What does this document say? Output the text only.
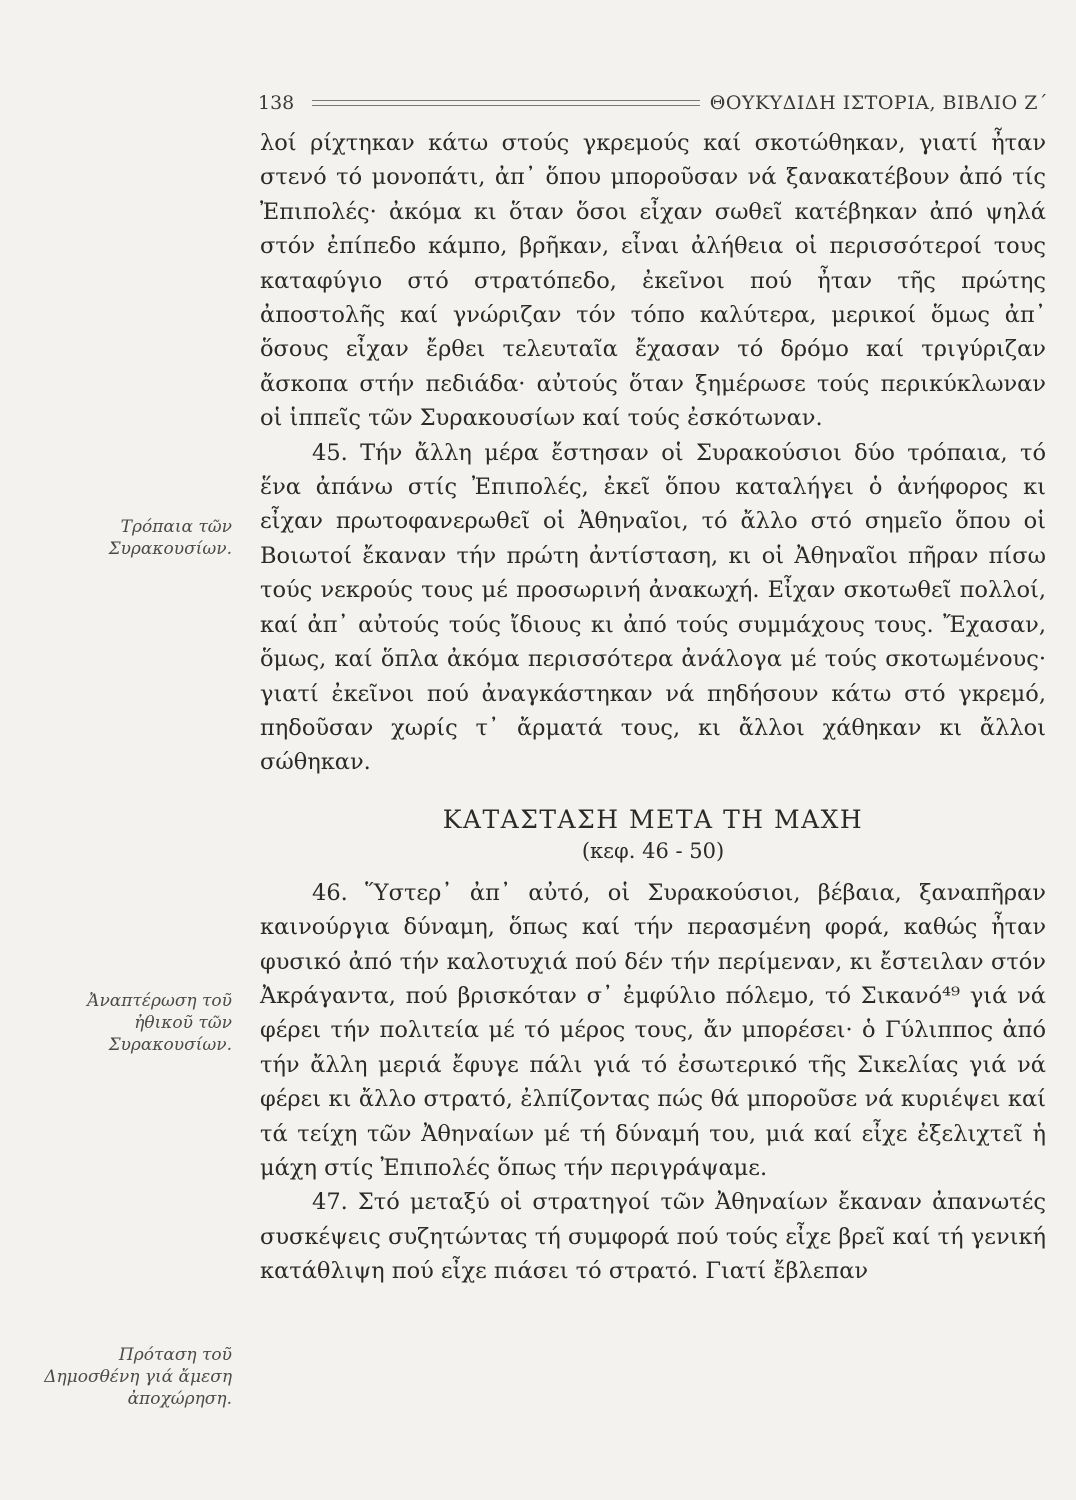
138	ΘΟΥΚΥΔΙΔΗ ΙΣΤΟΡΙΑ, ΒΙΒΛΙΟ Ζ΄
Τρόπαια τῶν Συρακουσίων.
Ἀναπτέρωση τοῦ ἠθικοῦ τῶν Συρακουσίων.
Πρόταση τοῦ Δημοσθένη γιά ἄμεση ἀποχώρηση.

λοί ρίχτηκαν κάτω στούς γκρεμούς καί σκοτώθηκαν, γιατί ἦταν στενό τό μονοπάτι, ἀπ᾽ ὅπου μποροῦσαν νά ξανακατέβουν ἀπό τίς Ἐπιπολές· ἀκόμα κι ὅταν ὅσοι εἶχαν σωθεῖ κατέβηκαν ἀπό ψηλά στόν ἐπίπεδο κάμπο, βρῆκαν, εἶναι ἀλήθεια οἱ περισσότεροί τους καταφύγιο στό στρατόπεδο, ἐκεῖνοι πού ἦταν τῆς πρώτης ἀποστολῆς καί γνώριζαν τόν τόπο καλύτερα, μερικοί ὅμως ἀπ᾽ ὅσους εἶχαν ἔρθει τελευταῖα ἔχασαν τό δρόμο καί τριγύριζαν ἄσκοπα στήν πεδιάδα· αὐτούς ὅταν ξημέρωσε τούς περικύκλωναν οἱ ἱππεῖς τῶν Συρακουσίων καί τούς ἐσκότωναν.

45. Τήν ἄλλη μέρα ἔστησαν οἱ Συρακούσιοι δύο τρόπαια, τό ἕνα ἀπάνω στίς Ἐπιπολές, ἐκεῖ ὅπου καταλήγει ὁ ἀνήφορος κι εἶχαν πρωτοφανερωθεῖ οἱ Ἀθηναῖοι, τό ἄλλο στό σημεῖο ὅπου οἱ Βοιωτοί ἔκαναν τήν πρώτη ἀντίσταση, κι οἱ Ἀθηναῖοι πῆραν πίσω τούς νεκρούς τους μέ προσωρινή ἀνακωχή. Εἶχαν σκοτωθεῖ πολλοί, καί ἀπ᾽ αὐτούς τούς ἴδιους κι ἀπό τούς συμμάχους τους. Ἔχασαν, ὅμως, καί ὅπλα ἀκόμα περισσότερα ἀνάλογα μέ τούς σκοτωμένους· γιατί ἐκεῖνοι πού ἀναγκάστηκαν νά πηδήσουν κάτω στό γκρεμό, πηδοῦσαν χωρίς τ᾽ ἄρματά τους, κι ἄλλοι χάθηκαν κι ἄλλοι σώθηκαν.

ΚΑΤΑΣΤΑΣΗ ΜΕΤΑ ΤΗ ΜΑΧΗ
(κεφ. 46 - 50)

46. Ὕστερ᾽ ἀπ᾽ αὐτό, οἱ Συρακούσιοι, βέβαια, ξαναπῆραν καινούργια δύναμη, ὅπως καί τήν περασμένη φορά, καθώς ἦταν φυσικό ἀπό τήν καλοτυχιά πού δέν τήν περίμεναν, κι ἔστειλαν στόν Ἀκράγαντα, πού βρισκόταν σ᾽ ἐμφύλιο πόλεμο, τό Σικανό⁴⁹ γιά νά φέρει τήν πολιτεία μέ τό μέρος τους, ἄν μπορέσει· ὁ Γύλιππος ἀπό τήν ἄλλη μεριά ἔφυγε πάλι γιά τό ἐσωτερικό τῆς Σικελίας γιά νά φέρει κι ἄλλο στρατό, ἐλπίζοντας πώς θά μποροῦσε νά κυριέψει καί τά τείχη τῶν Ἀθηναίων μέ τή δύναμή του, μιά καί εἶχε ἐξελιχτεῖ ἡ μάχη στίς Ἐπιπολές ὅπως τήν περιγράψαμε.

47. Στό μεταξύ οἱ στρατηγοί τῶν Ἀθηναίων ἔκαναν ἀπανωτές συσκέψεις συζητώντας τή συμφορά πού τούς εἶχε βρεῖ καί τή γενική κατάθλιψη πού εἶχε πιάσει τό στρατό. Γιατί ἔβλεπαν
